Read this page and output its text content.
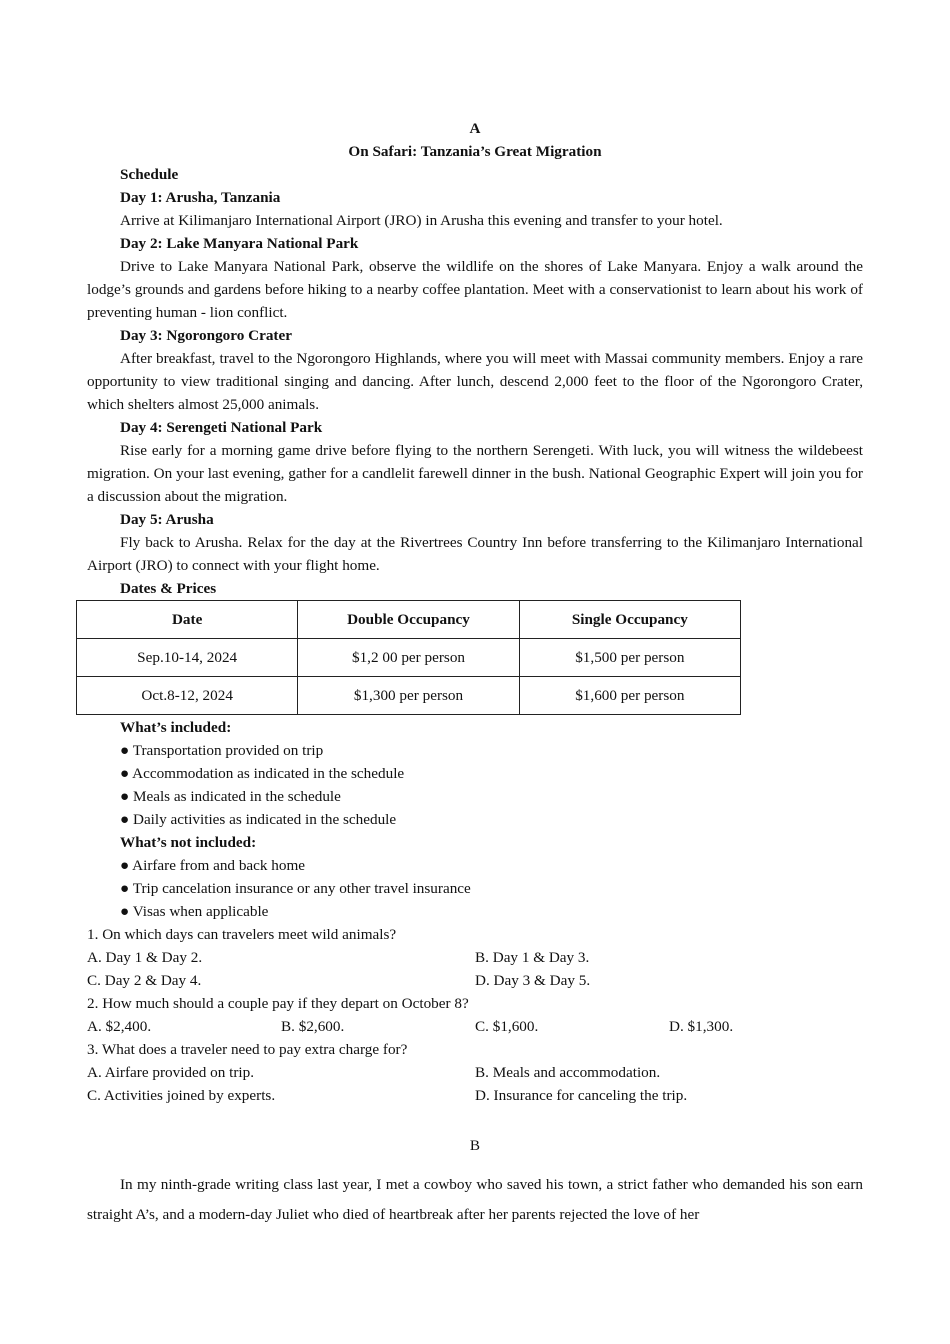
A
On Safari: Tanzania’s Great Migration
Schedule
Day 1: Arusha, Tanzania

Arrive at Kilimanjaro International Airport (JRO) in Arusha this evening and transfer to your hotel.

Day 2: Lake Manyara National Park

Drive to Lake Manyara National Park, observe the wildlife on the shores of Lake Manyara. Enjoy a walk around the lodge’s grounds and gardens before hiking to a nearby coffee plantation. Meet with a conservationist to learn about his work of preventing human - lion conflict.

Day 3: Ngorongoro Crater

After breakfast, travel to the Ngorongoro Highlands, where you will meet with Massai community members. Enjoy a rare opportunity to view traditional singing and dancing. After lunch, descend 2,000 feet to the floor of the Ngorongoro Crater, which shelters almost 25,000 animals.

Day 4: Serengeti National Park

Rise early for a morning game drive before flying to the northern Serengeti. With luck, you will witness the wildebeest migration. On your last evening, gather for a candlelit farewell dinner in the bush. National Geographic Expert will join you for a discussion about the migration.

Day 5: Arusha

Fly back to Arusha. Relax for the day at the Rivertrees Country Inn before transferring to the Kilimanjaro International Airport (JRO) to connect with your flight home.

Dates & Prices
Date	Double Occupancy	Single Occupancy
Sep.10-14, 2024	$1,2 00 per person	$1,500 per person
Oct.8-12, 2024	$1,300 per person	$1,600 per person
What’s included:
● Transportation provided on trip
● Accommodation as indicated in the schedule
● Meals as indicated in the schedule
● Daily activities as indicated in the schedule
What’s not included:
● Airfare from and back home
● Trip cancelation insurance or any other travel insurance
● Visas when applicable
1. On which days can travelers meet wild animals?
A. Day 1 & Day 2.	B. Day 1 & Day 3.
C. Day 2 & Day 4.	D. Day 3 & Day 5.
2. How much should a couple pay if they depart on October 8?
A. $2,400.	B. $2,600.	C. $1,600.	D. $1,300.
3. What does a traveler need to pay extra charge for?
A. Airfare provided on trip.	B. Meals and accommodation.
C. Activities joined by experts.	D. Insurance for canceling the trip.
B

In my ninth-grade writing class last year, I met a cowboy who saved his town, a strict father who demanded his son earn straight A’s, and a modern-day Juliet who died of heartbreak after her parents rejected the love of her
